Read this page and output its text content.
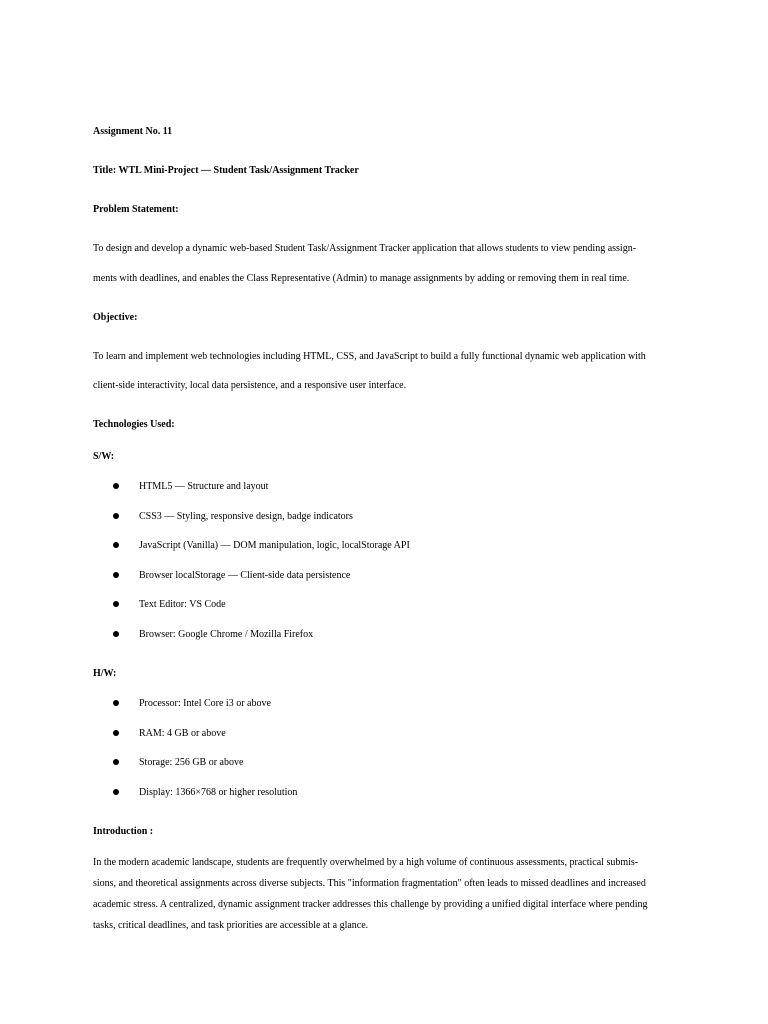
Assignment No. 11
Title: WTL Mini-Project — Student Task/Assignment Tracker
Problem Statement:
To design and develop a dynamic web-based Student Task/Assignment Tracker application that allows students to view pending assign-
ments with deadlines, and enables the Class Representative (Admin) to manage assignments by adding or removing them in real time.
Objective:
To learn and implement web technologies including HTML, CSS, and JavaScript to build a fully functional dynamic web application with
client-side interactivity, local data persistence, and a responsive user interface.
Technologies Used:
S/W:
HTML5 — Structure and layout
CSS3 — Styling, responsive design, badge indicators
JavaScript (Vanilla) — DOM manipulation, logic, localStorage API
Browser localStorage — Client-side data persistence
Text Editor: VS Code
Browser: Google Chrome / Mozilla Firefox
H/W:
Processor: Intel Core i3 or above
RAM: 4 GB or above
Storage: 256 GB or above
Display: 1366×768 or higher resolution
Introduction :
In the modern academic landscape, students are frequently overwhelmed by a high volume of continuous assessments, practical submis-
sions, and theoretical assignments across diverse subjects. This "information fragmentation" often leads to missed deadlines and increased
academic stress. A centralized, dynamic assignment tracker addresses this challenge by providing a unified digital interface where pending
tasks, critical deadlines, and task priorities are accessible at a glance.
